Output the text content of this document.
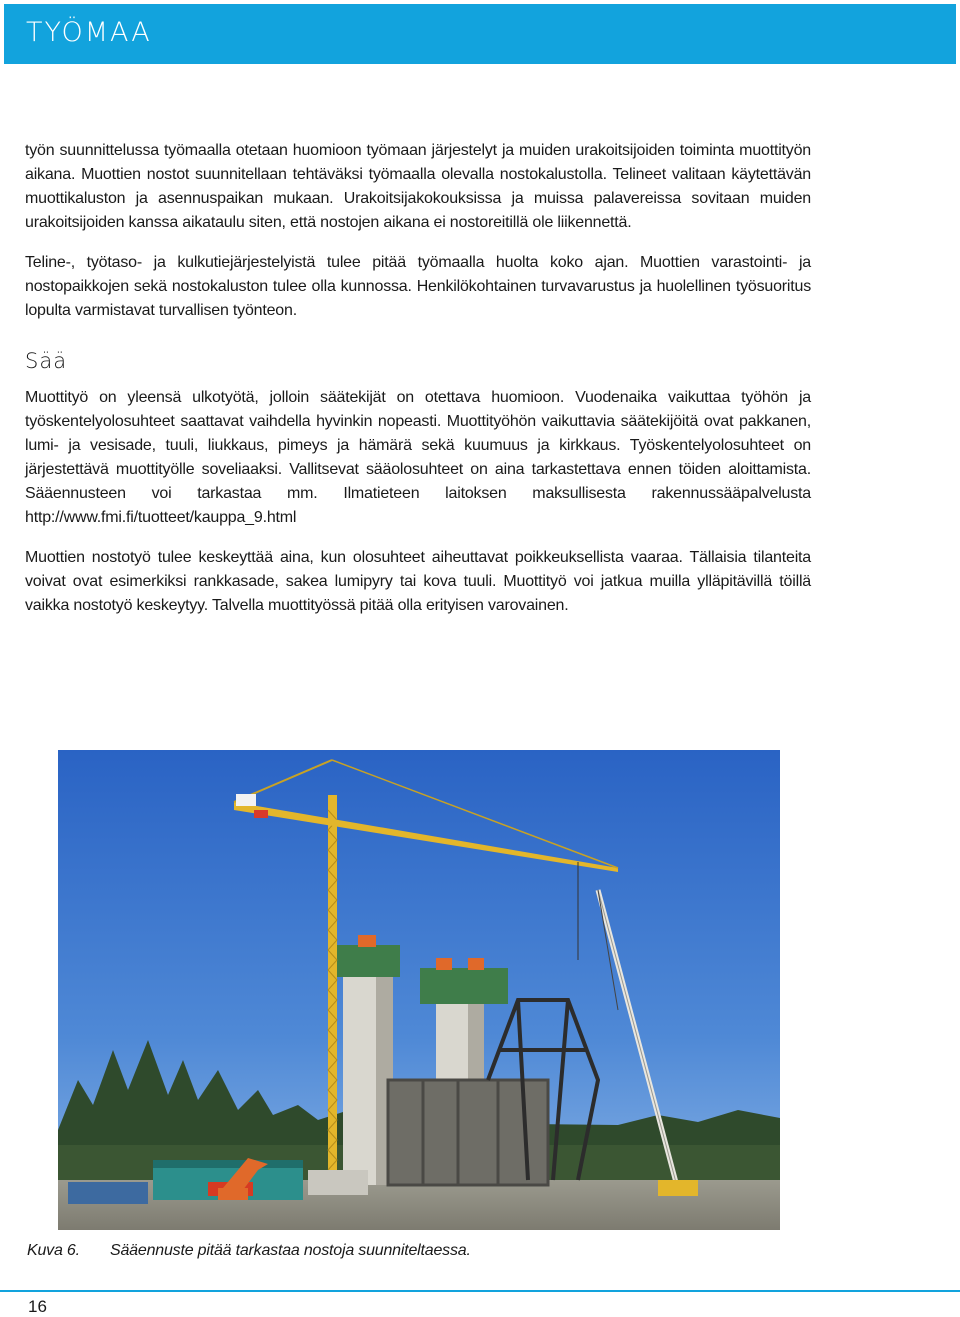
TYÖMAA

työn suunnittelussa työmaalla otetaan huomioon työmaan järjestelyt ja muiden urakoitsijoiden toiminta muottityön aikana. Muottien nostot suunnitellaan tehtäväksi työmaalla olevalla nostokalustolla. Telineet valitaan käytettävän muottikaluston ja asennuspaikan mukaan. Urakoitsijakokouksissa ja muissa palavereissa sovitaan muiden urakoitsijoiden kanssa aikataulu siten, että nostojen aikana ei nostoreitillä ole liikennettä.

Teline-, työtaso- ja kulkutiejärjestelyistä tulee pitää työmaalla huolta koko ajan. Muottien varastointi- ja nostopaikkojen sekä nostokaluston tulee olla kunnossa. Henkilökohtainen turvavarustus ja huolellinen työsuoritus lopulta varmistavat turvallisen työnteon.

Sää

Muottityö on yleensä ulkotyötä, jolloin säätekijät on otettava huomioon. Vuodenaika vaikuttaa työhön ja työskentelyolosuhteet saattavat vaihdella hyvinkin nopeasti. Muottityöhön vaikuttavia säätekijöitä ovat pakkanen, lumi- ja vesisade, tuuli, liukkaus, pimeys ja hämärä sekä kuumuus ja kirkkaus. Työskentelyolosuhteet on järjestettävä muottityölle soveliaaksi. Vallitsevat sääolosuhteet on aina tarkastettava ennen töiden aloittamista. Sääennusteen voi tarkastaa mm. Ilmatieteen laitoksen maksullisesta rakennussääpalvelusta http://www.fmi.fi/tuotteet/kauppa_9.html

Muottien nostotyö tulee keskeyttää aina, kun olosuhteet aiheuttavat poikkeuksellista vaaraa. Tällaisia tilanteita voivat ovat esimerkiksi rankkasade, sakea lumipyry tai kova tuuli. Muottityö voi jatkua muilla ylläpitävillä töillä vaikka nostotyö keskeytyy. Talvella muottityössä pitää olla erityisen varovainen.

Kuva 6. Sääennuste pitää tarkastaa nostoja suunniteltaessa.
16
